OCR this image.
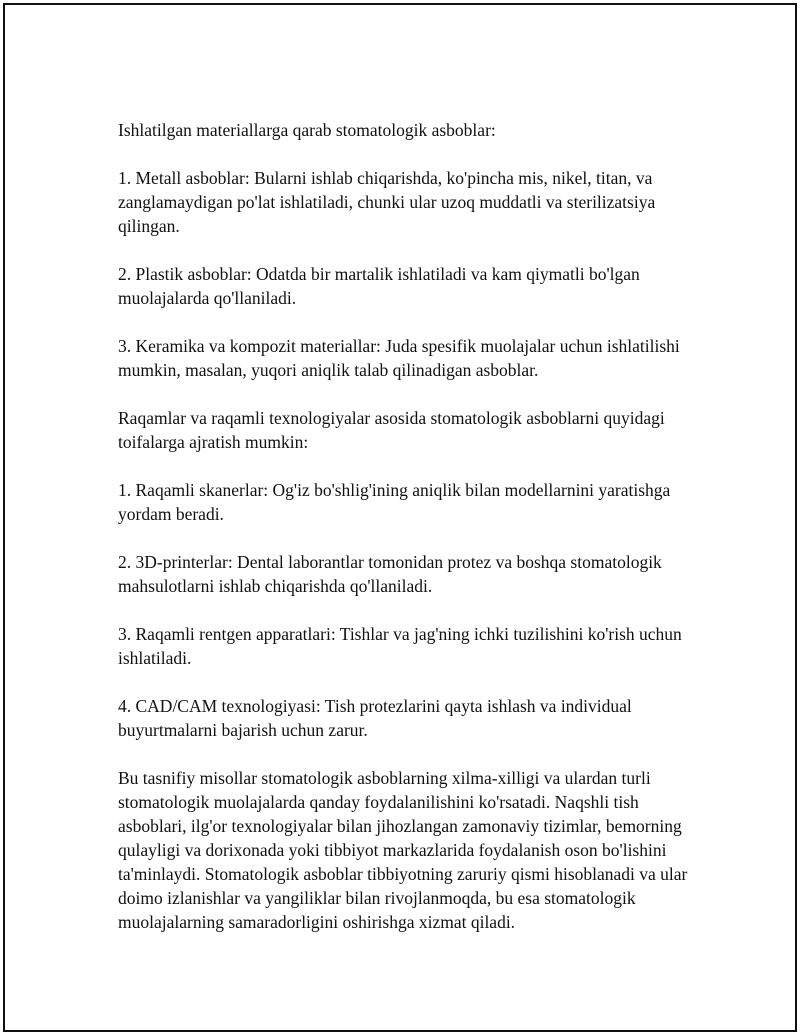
Ishlatilgan materiallarga qarab stomatologik asboblar:

1. Metall asboblar: Bularni ishlab chiqarishda, ko'pincha mis, nikel, titan, va zanglamaydigan po'lat ishlatiladi, chunki ular uzoq muddatli va sterilizatsiya qilingan.

2. Plastik asboblar: Odatda bir martalik ishlatiladi va kam qiymatli bo'lgan muolajalarda qo'llaniladi.

3. Keramika va kompozit materiallar: Juda spesifik muolajalar uchun ishlatilishi mumkin, masalan, yuqori aniqlik talab qilinadigan asboblar.

Raqamlar va raqamli texnologiyalar asosida stomatologik asboblarni quyidagi toifalarga ajratish mumkin:

1. Raqamli skanerlar: Og'iz bo'shlig'ining aniqlik bilan modellarnini yaratishga yordam beradi.

2. 3D-printerlar: Dental laborantlar tomonidan protez va boshqa stomatologik mahsulotlarni ishlab chiqarishda qo'llaniladi.

3. Raqamli rentgen apparatlari: Tishlar va jag'ning ichki tuzilishini ko'rish uchun ishlatiladi.

4. CAD/CAM texnologiyasi: Tish protezlarini qayta ishlash va individual buyurtmalarni bajarish uchun zarur.

Bu tasnifiy misollar stomatologik asboblarning xilma-xilligi va ulardan turli stomatologik muolajalarda qanday foydalanilishini ko'rsatadi. Naqshli tish asboblari, ilg'or texnologiyalar bilan jihozlangan zamonaviy tizimlar, bemorning qulayligi va dorixonada yoki tibbiyot markazlarida foydalanish oson bo'lishini ta'minlaydi. Stomatologik asboblar tibbiyotning zaruriy qismi hisoblanadi va ular doimo izlanishlar va yangiliklar bilan rivojlanmoqda, bu esa stomatologik muolajalarning samaradorligini oshirishga xizmat qiladi.
